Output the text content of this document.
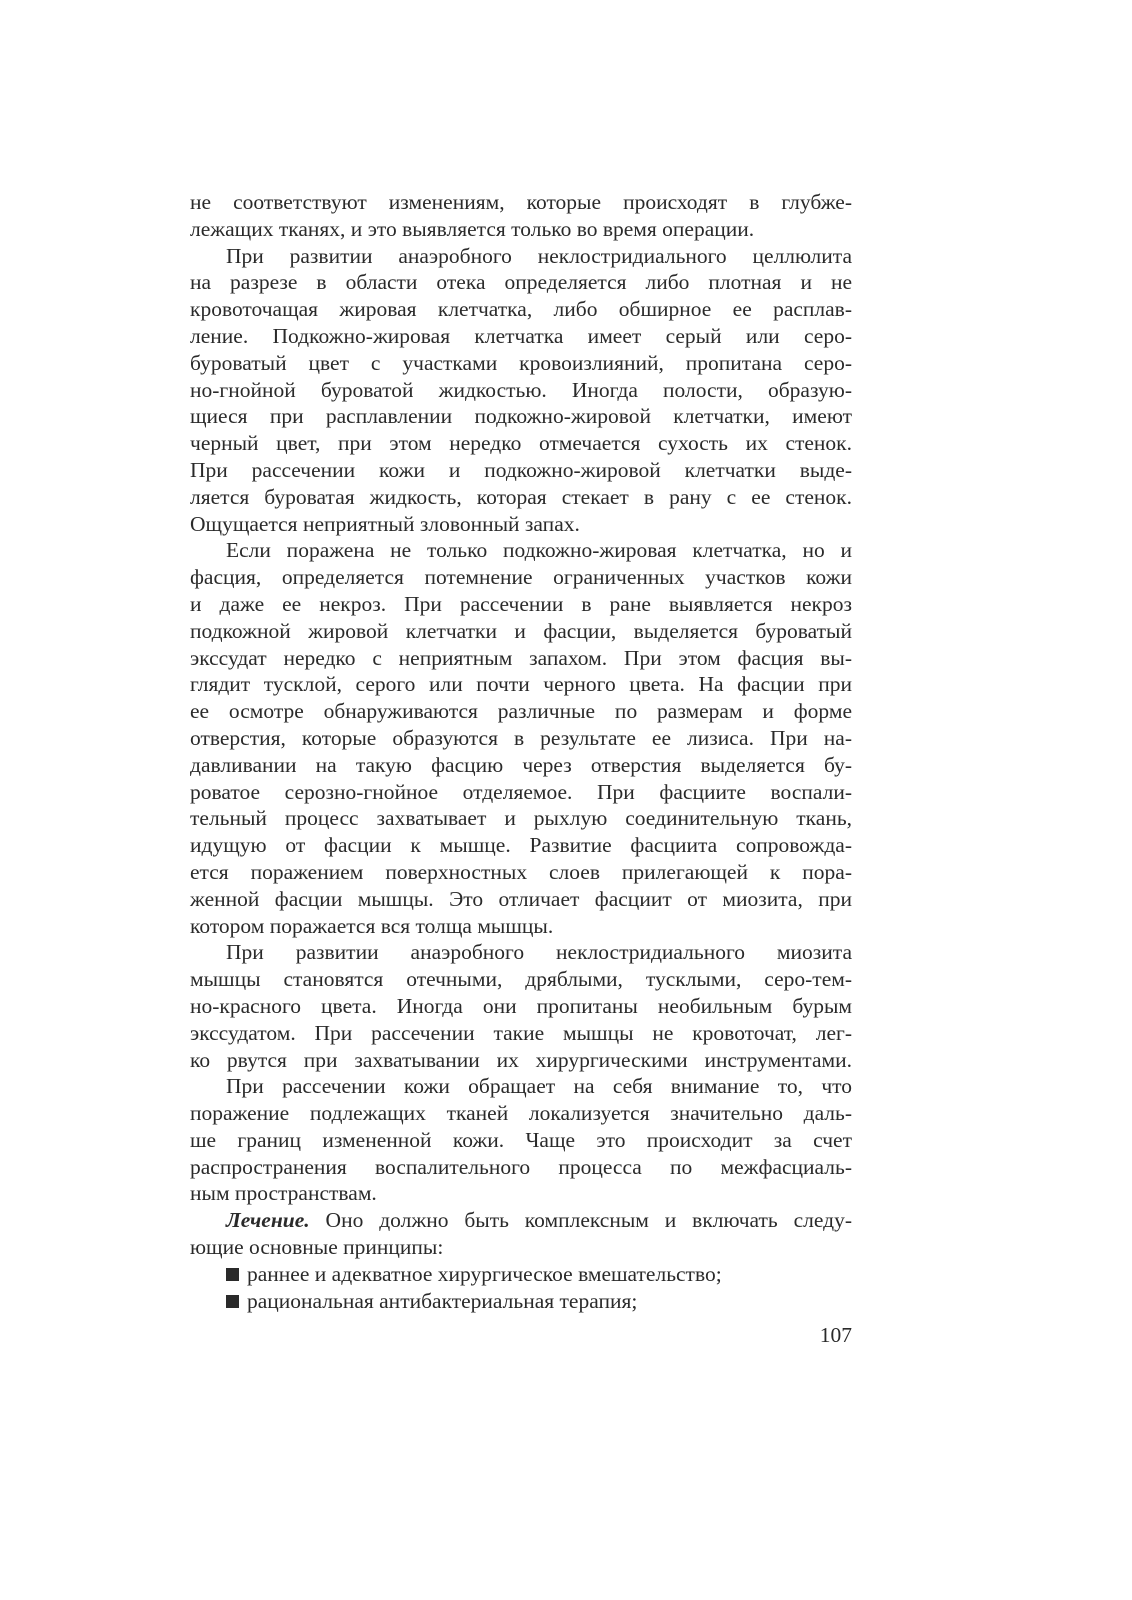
не соответствуют изменениям, которые происходят в глубже-
лежащих тканях, и это выявляется только во время операции.
При развитии анаэробного неклостридиального целлюлита
на разрезе в области отека определяется либо плотная и не
кровоточащая жировая клетчатка, либо обширное ее расплав-
ление. Подкожно-жировая клетчатка имеет серый или серо-
буроватый цвет с участками кровоизлияний, пропитана серо-
но-гнойной буроватой жидкостью. Иногда полости, образую-
щиеся при расплавлении подкожно-жировой клетчатки, имеют
черный цвет, при этом нередко отмечается сухость их стенок.
При рассечении кожи и подкожно-жировой клетчатки выде-
ляется буроватая жидкость, которая стекает в рану с ее стенок.
Ощущается неприятный зловонный запах.
Если поражена не только подкожно-жировая клетчатка, но и
фасция, определяется потемнение ограниченных участков кожи
и даже ее некроз. При рассечении в ране выявляется некроз
подкожной жировой клетчатки и фасции, выделяется буроватый
экссудат нередко с неприятным запахом. При этом фасция вы-
глядит тусклой, серого или почти черного цвета. На фасции при
ее осмотре обнаруживаются различные по размерам и форме
отверстия, которые образуются в результате ее лизиса. При на-
давливании на такую фасцию через отверстия выделяется бу-
роватое серозно-гнойное отделяемое. При фасциите воспали-
тельный процесс захватывает и рыхлую соединительную ткань,
идущую от фасции к мышце. Развитие фасциита сопровожда-
ется поражением поверхностных слоев прилегающей к пора-
женной фасции мышцы. Это отличает фасциит от миозита, при
котором поражается вся толща мышцы.
При развитии анаэробного неклостридиального миозита
мышцы становятся отечными, дряблыми, тусклыми, серо-тем-
но-красного цвета. Иногда они пропитаны необильным бурым
экссудатом. При рассечении такие мышцы не кровоточат, лег-
ко рвутся при захватывании их хирургическими инструментами.
При рассечении кожи обращает на себя внимание то, что
поражение подлежащих тканей локализуется значительно даль-
ше границ измененной кожи. Чаще это происходит за счет
распространения воспалительного процесса по межфасциаль-
ным пространствам.
Лечение. Оно должно быть комплексным и включать следу-
ющие основные принципы:
раннее и адекватное хирургическое вмешательство;
рациональная антибактериальная терапия;
107
